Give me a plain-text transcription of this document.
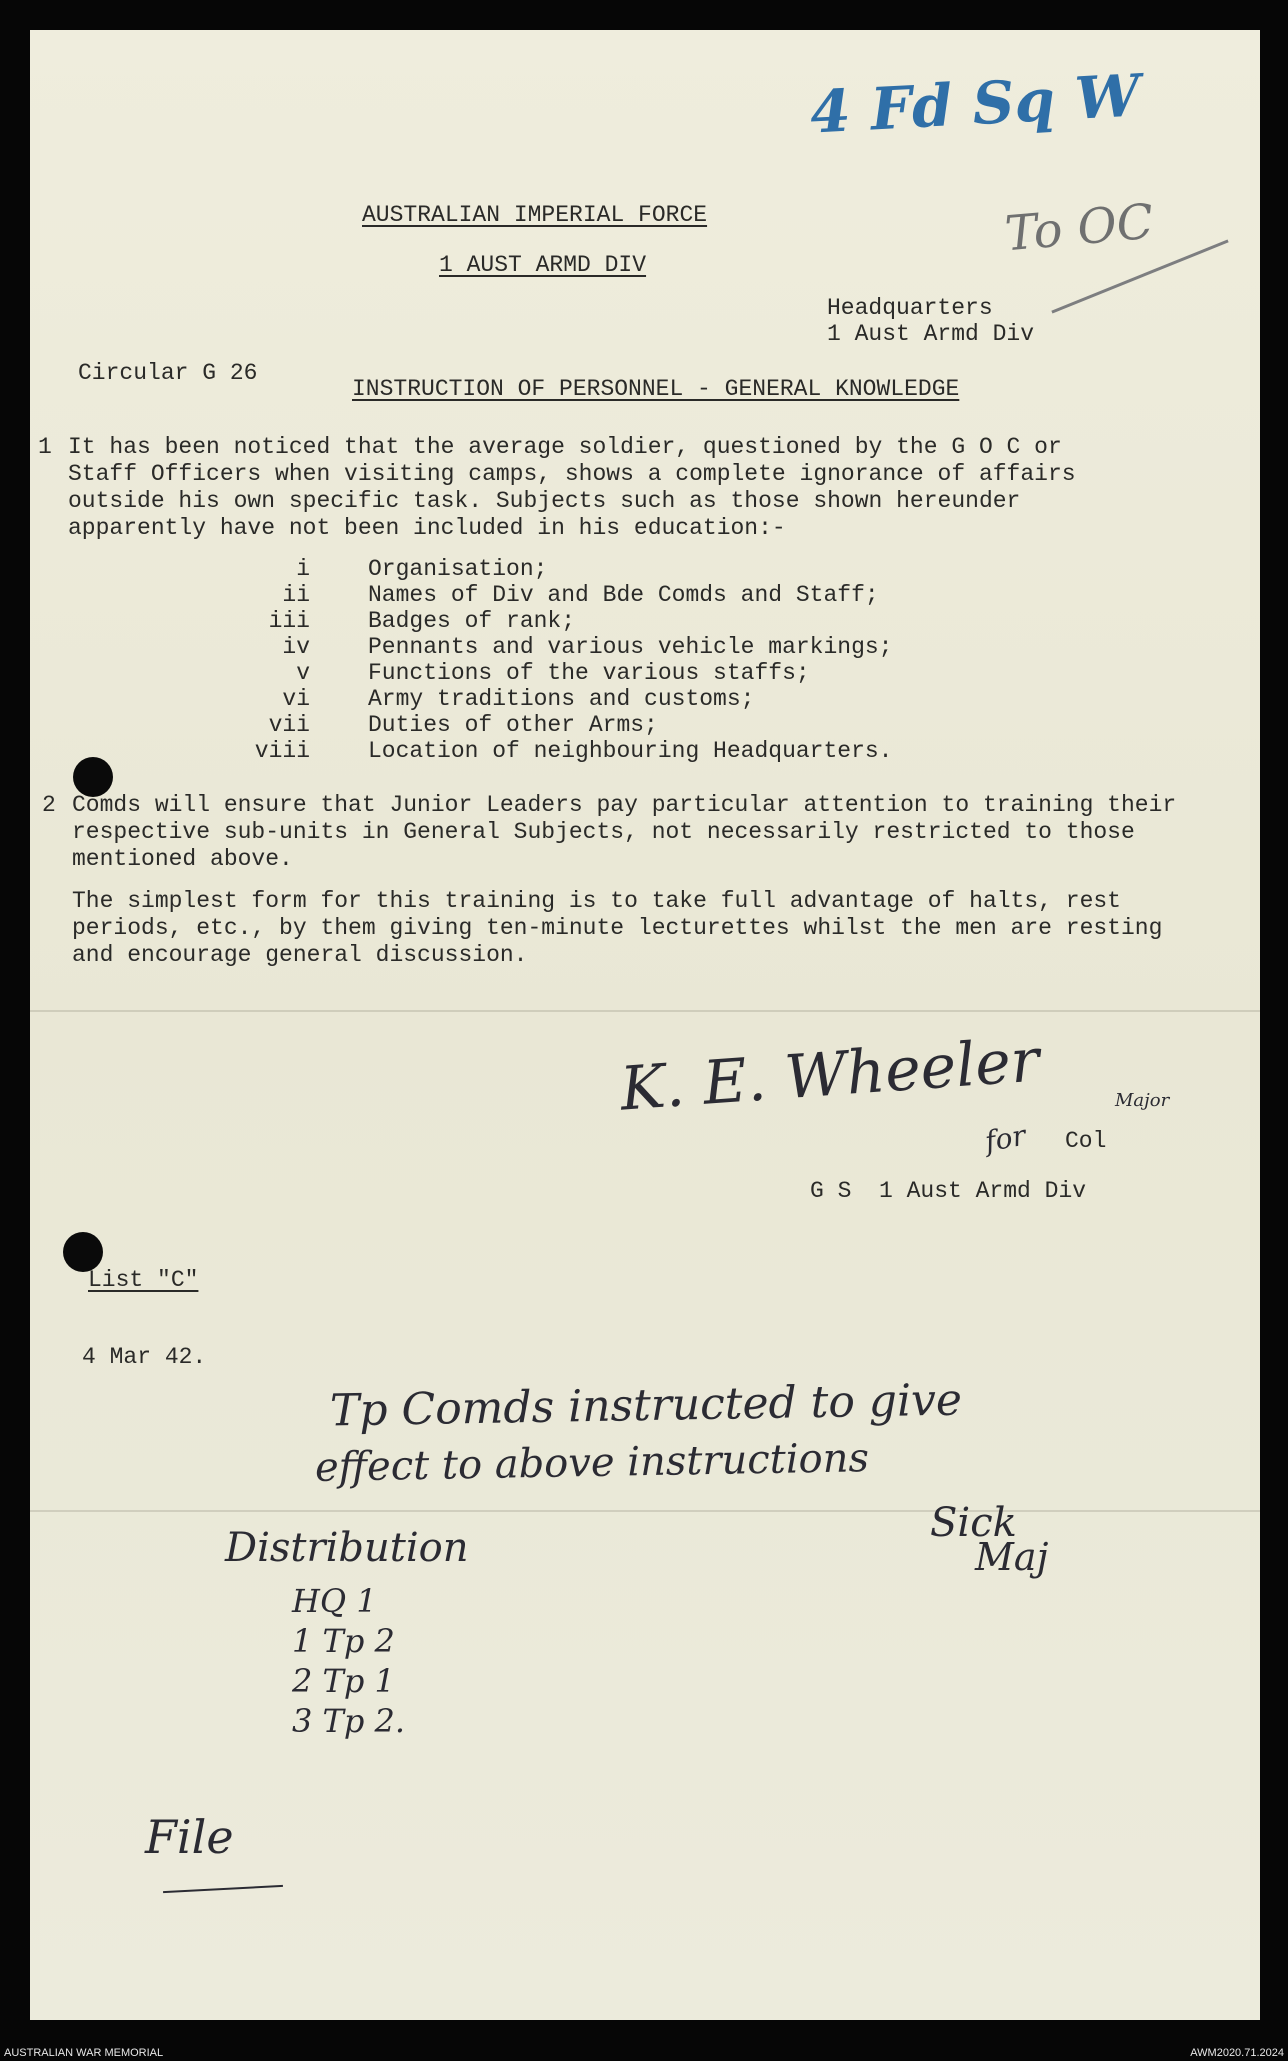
4 Fd Sq W
To OC
AUSTRALIAN IMPERIAL FORCE
1 AUST ARMD DIV
Headquarters
1 Aust Armd Div
Circular G 26
INSTRUCTION OF PERSONNEL - GENERAL KNOWLEDGE
1 It has been noticed that the average soldier, questioned by the G O C or Staff Officers when visiting camps, shows a complete ignorance of affairs outside his own specific task. Subjects such as those shown hereunder apparently have not been included in his education:-
i	Organisation;
ii	Names of Div and Bde Comds and Staff;
iii	Badges of rank;
iv	Pennants and various vehicle markings;
v	Functions of the various staffs;
vi	Army traditions and customs;
vii	Duties of other Arms;
viii	Location of neighbouring Headquarters.
2 Comds will ensure that Junior Leaders pay particular attention to training their respective sub-units in General Subjects, not necessarily restricted to those mentioned above.
The simplest form for this training is to take full advantage of halts, rest periods, etc., by them giving ten-minute lecturettes whilst the men are resting and encourage general discussion.
K. E. Wheeler	Major
for Col
G S  1 Aust Armd Div
List "C"
4 Mar 42.
Tp Comds instructed to give
effect to above instructions
Sick
Maj
Distribution
HQ 1
1 Tp 2
2 Tp 1
3 Tp 2.
File
AUSTRALIAN WAR MEMORIAL	AWM2020.71.2024
